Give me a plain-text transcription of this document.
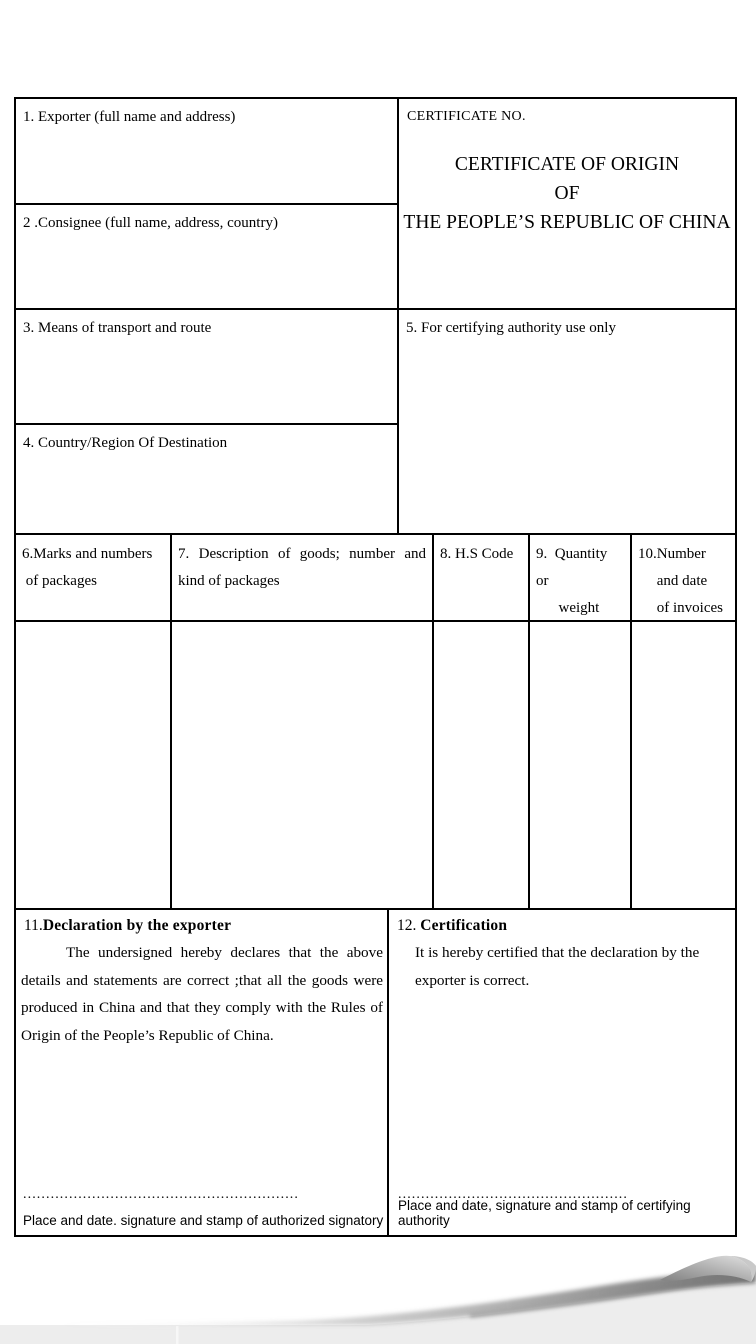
1. Exporter (full name and address)
2 .Consignee (full name, address, country)
3. Means of transport and route
4. Country/Region Of Destination
CERTIFICATE NO.
CERTIFICATE OF ORIGIN
OF
THE PEOPLE’S REPUBLIC OF CHINA
5. For certifying authority use only
6.Marks and numbers
of packages
7. Description of goods; number and kind of packages
8. H.S Code	9.  Quantity  or
weight
10.Number
and date
of invoices
11.Declaration by the exporter
The undersigned hereby declares that the above details and statements are correct ;that all the goods were produced in China and that they comply with the Rules of Origin of the People’s Republic of China.
............................................................
Place and date. signature and stamp of authorized signatory
12. Certification
It is hereby certified that the declaration by the exporter is correct.
..................................................
Place and date, signature and stamp of certifying authority
